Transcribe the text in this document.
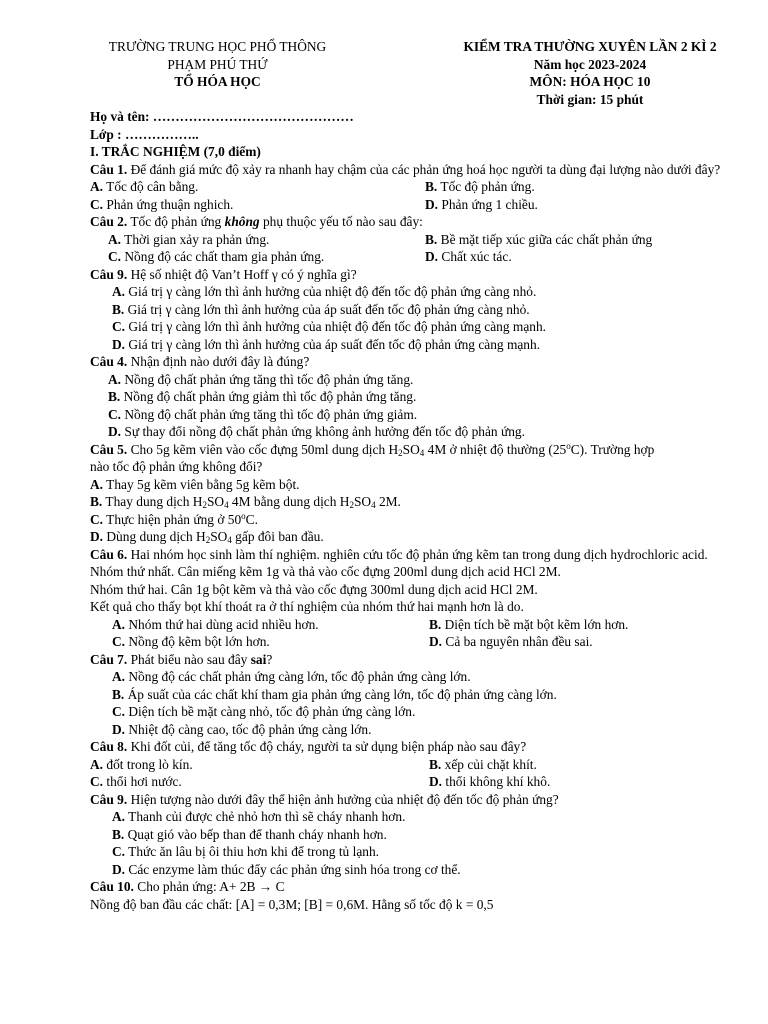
TRƯỜNG TRUNG HỌC PHỔ THÔNG
PHẠM PHÚ THỨ
TỔ HÓA HỌC
KIỂM TRA THƯỜNG XUYÊN LẦN 2 KÌ 2
Năm học 2023-2024
MÔN: HÓA HỌC 10
Thời gian: 15 phút
Họ và tên: ………………………………………
Lớp : ……………..
I. TRẮC NGHIỆM (7,0 điểm)
Câu 1. Để đánh giá mức độ xảy ra nhanh hay chậm của các phản ứng hoá học người ta dùng đại lượng nào dưới đây?
A. Tốc độ cân bằng.	B. Tốc độ phản ứng.
C. Phản ứng thuận nghich.	D. Phản ứng 1 chiều.
Câu 2. Tốc độ phản ứng không phụ thuộc yếu tố nào sau đây:
A. Thời gian xảy ra phản ứng.	B. Bề mặt tiếp xúc giữa các chất phản ứng
C. Nồng độ các chất tham gia phản ứng.	D. Chất xúc tác.
Câu 9. Hệ số nhiệt độ Van’t Hoff γ có ý nghĩa gì?
A. Giá trị γ càng lớn thì ảnh hưởng của nhiệt độ đến tốc độ phản ứng càng nhỏ.
B. Giá trị γ càng lớn thì ảnh hưởng của áp suất đến tốc độ phản ứng càng nhỏ.
C. Giá trị γ càng lớn thì ảnh hưởng của nhiệt độ đến tốc độ phản ứng càng mạnh.
D. Giá trị γ càng lớn thì ảnh hưởng của áp suất đến tốc độ phản ứng càng mạnh.
Câu 4. Nhận định nào dưới đây là đúng?
A. Nồng độ chất phản ứng tăng thì tốc độ phản ứng tăng.
B. Nồng độ chất phản ứng giảm thì tốc độ phản ứng tăng.
C. Nồng độ chất phản ứng tăng thì tốc độ phản ứng giảm.
D. Sự thay đổi nồng độ chất phản ứng không ảnh hưởng đến tốc độ phản ứng.
Câu 5. Cho 5g kẽm viên vào cốc đựng 50ml dung dịch $H_2SO_4$ 4M ở nhiệt độ thường (25$^o$C). Trường hợp
nào tốc độ phản ứng không đổi?
A. Thay 5g kẽm viên bằng 5g kẽm bột.
B. Thay dung dịch $H_2SO_4$ 4M bằng dung dịch $H_2SO_4$ 2M.
C. Thực hiện phản ứng ở 50$^o$C.
D. Dùng dung dịch $H_2SO_4$ gấp đôi ban đầu.
Câu 6. Hai nhóm học sinh làm thí nghiệm. nghiên cứu tốc độ phản ứng kẽm tan trong dung dịch hydrochloric acid.
Nhóm thứ nhất. Cân miếng kẽm 1g và thả vào cốc đựng 200ml dung dịch acid HCl 2M.
Nhóm thứ hai. Cân 1g bột kẽm và thả vào cốc đựng 300ml dung dịch acid HCl 2M.
Kết quả cho thấy bọt khí thoát ra ở thí nghiệm của nhóm thứ hai mạnh hơn là do.
A. Nhóm thứ hai dùng acid nhiều hơn.	B. Diện tích bề mặt bột kẽm lớn hơn.
C. Nồng độ kẽm bột lớn hơn.	D. Cả ba nguyên nhân đều sai.
Câu 7. Phát biểu nào sau đây sai?
A. Nồng độ các chất phản ứng càng lớn, tốc độ phản ứng càng lớn.
B. Áp suất của các chất khí tham gia phản ứng càng lớn, tốc độ phản ứng càng lớn.
C. Diện tích bề mặt càng nhỏ, tốc độ phản ứng càng lớn.
D. Nhiệt độ càng cao, tốc độ phản ứng càng lớn.
Câu 8. Khi đốt củi, để tăng tốc độ cháy, người ta sử dụng biện pháp nào sau đây?
A. đốt trong lò kín.	B. xếp củi chặt khít.
C. thổi hơi nước.	D. thổi không khí khô.
Câu 9. Hiện tượng nào dưới đây thể hiện ảnh hưởng của nhiệt độ đến tốc độ phản ứng?
A. Thanh củi được chẻ nhỏ hơn thì sẽ cháy nhanh hơn.
B. Quạt gió vào bếp than để thanh cháy nhanh hơn.
C. Thức ăn lâu bị ôi thiu hơn khi để trong tủ lạnh.
D. Các enzyme làm thúc đẩy các phản ứng sinh hóa trong cơ thể.
Câu 10. Cho phản ứng: A+ 2B → C
Nồng độ ban đầu các chất: [A] = 0,3M; [B] = 0,6M. Hằng số tốc độ k = 0,5
